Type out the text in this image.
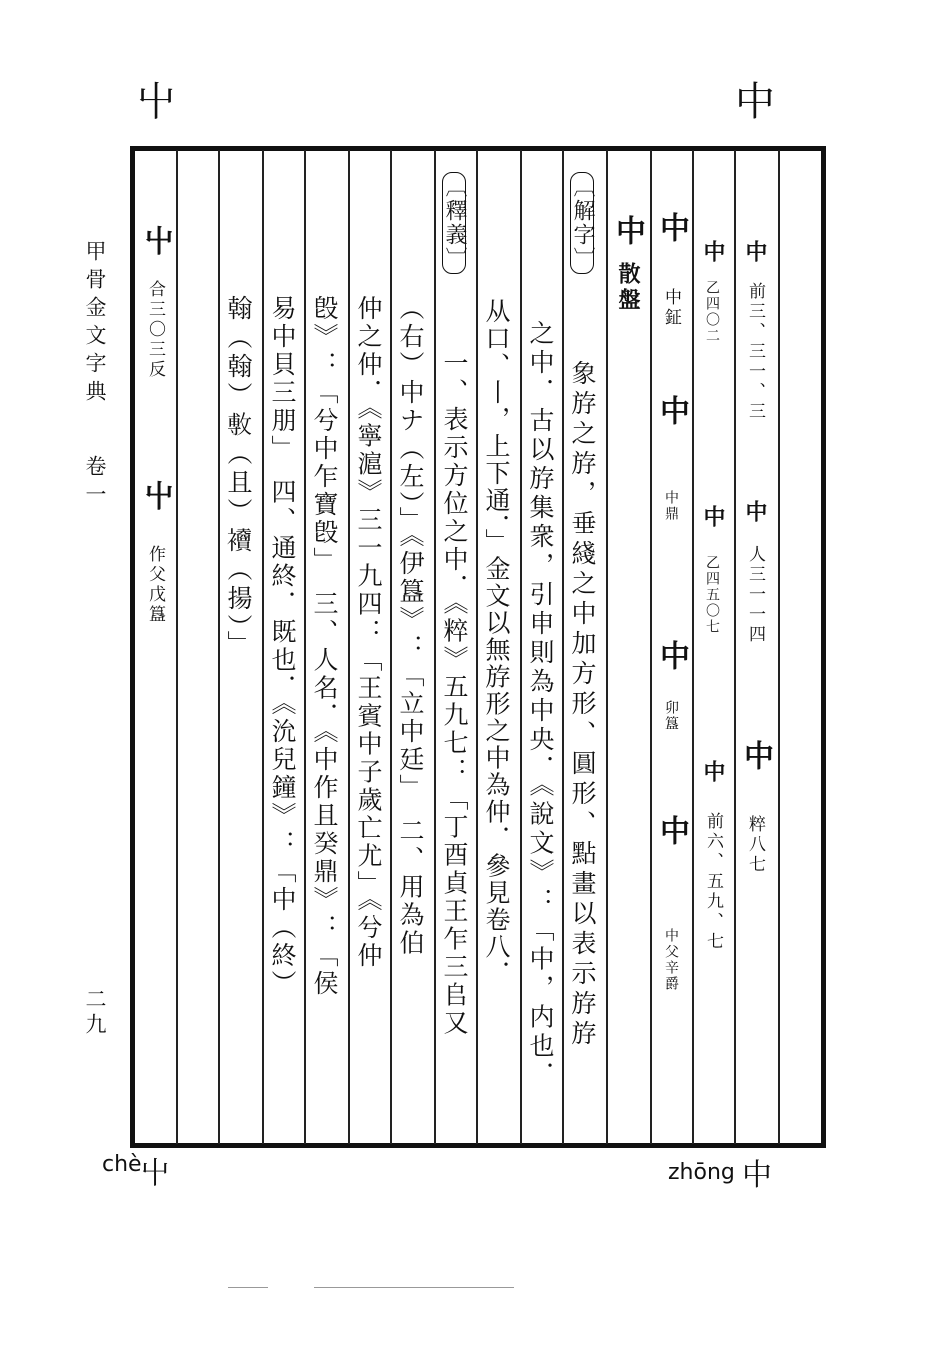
屮	中
甲骨金文字典
卷一
二九
中
前三、三一、三
中
人三一一四
中
粹八七
中
乙四〇二
中
乙四五〇七
中
前六、五九、七
中
中鉦
中
中鼎
中
卯簋
中
中父辛爵
中
散盤
〔解字〕
象斿之斿，垂綫之中加方形、圓形、點畫以表示斿斿
之中．古以斿集衆，引申則為中央．《說文》：「中，内也．
从口、丨，上下通．」金文以無斿形之中為仲．參見卷八．
〔釋義〕
一、表示方位之中．《粹》五九七：「丁酉貞王乍三𠂤又
（右）中ナ（左）」《伊簋》：「立中廷」　二、用為伯
仲之仲．《寧滬》三一九四：「王賓中子歲亡尤」《兮仲
𣪘》：「兮中乍寶𣪘」　三、人名．《中作且癸鼎》：「侯
易中貝三朋」　四、通終．既也．《沇兒鐘》：「中（終）
翰（翰）𢾭（且）𧟎（揚）」
屮
合三〇三反
屮
作父戊簋
chè
屮	zhōng 中
